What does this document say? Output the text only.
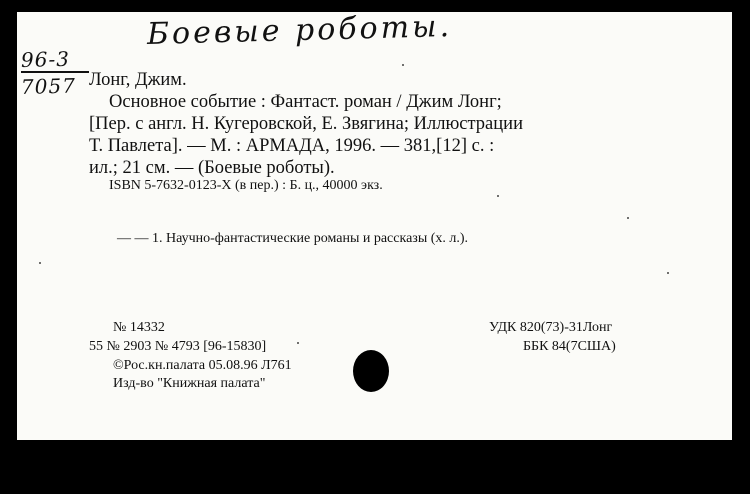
Боевые роботы.
96-3
7057 Лонг, Джим.
Основное событие : Фантаст. роман / Джим Лонг;
[Пер. с англ. Н. Кугеровской, Е. Звягина; Иллюстрации
Т. Павлета]. — М. : АРМАДА, 1996. — 381,[12] с. :
ил.; 21 см. — (Боевые роботы).
ISBN 5-7632-0123-Х (в пер.) : Б. ц., 40000 экз.
— — 1. Научно-фантастические романы и рассказы (х. л.).
№ 14332
55 № 2903 № 4793 [96-15830]
©Рос.кн.палата 05.08.96 Л761
Изд-во "Книжная палата"
УДК 820(73)-31Лонг
ББК 84(7США)
